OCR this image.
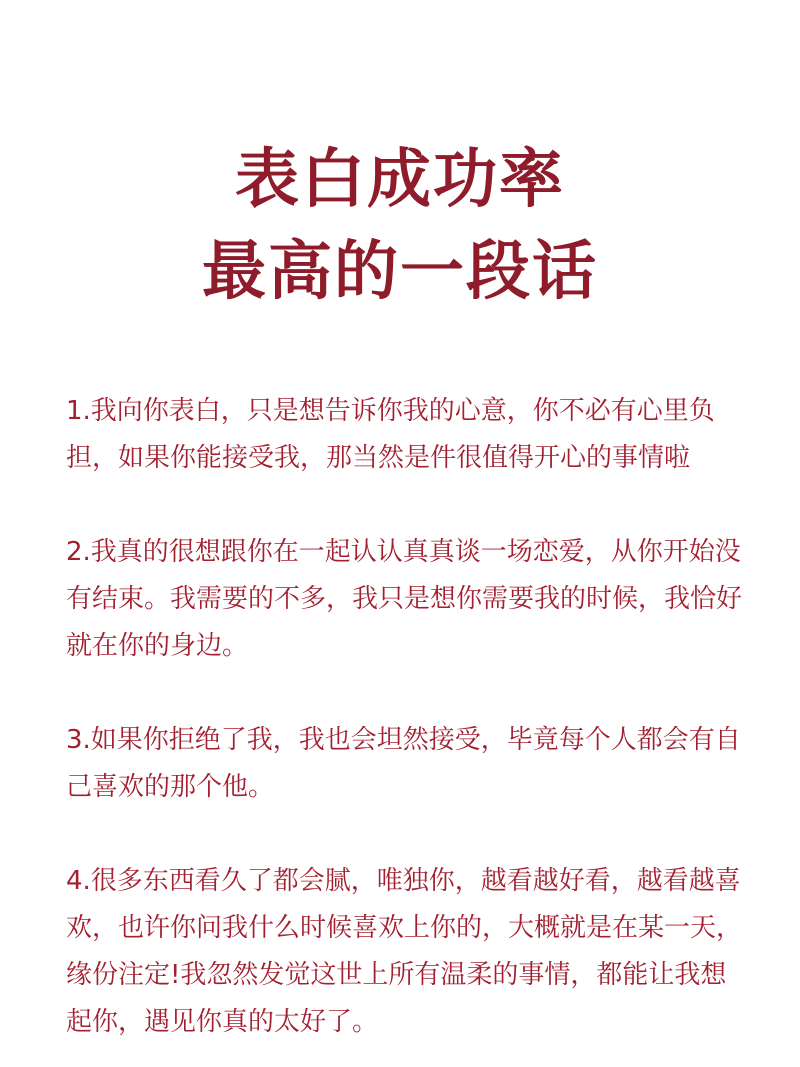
表白成功率
最高的一段话

1.我向你表白，只是想告诉你我的心意，你不必有心里负担，如果你能接受我，那当然是件很值得开心的事情啦

2.我真的很想跟你在一起认认真真谈一场恋爱，从你开始没有结束。我需要的不多，我只是想你需要我的时候，我恰好就在你的身边。

3.如果你拒绝了我，我也会坦然接受，毕竟每个人都会有自己喜欢的那个他。

4.很多东西看久了都会腻，唯独你，越看越好看，越看越喜欢，也许你问我什么时候喜欢上你的，大概就是在某一天，缘份注定!我忽然发觉这世上所有温柔的事情，都能让我想起你，遇见你真的太好了。
